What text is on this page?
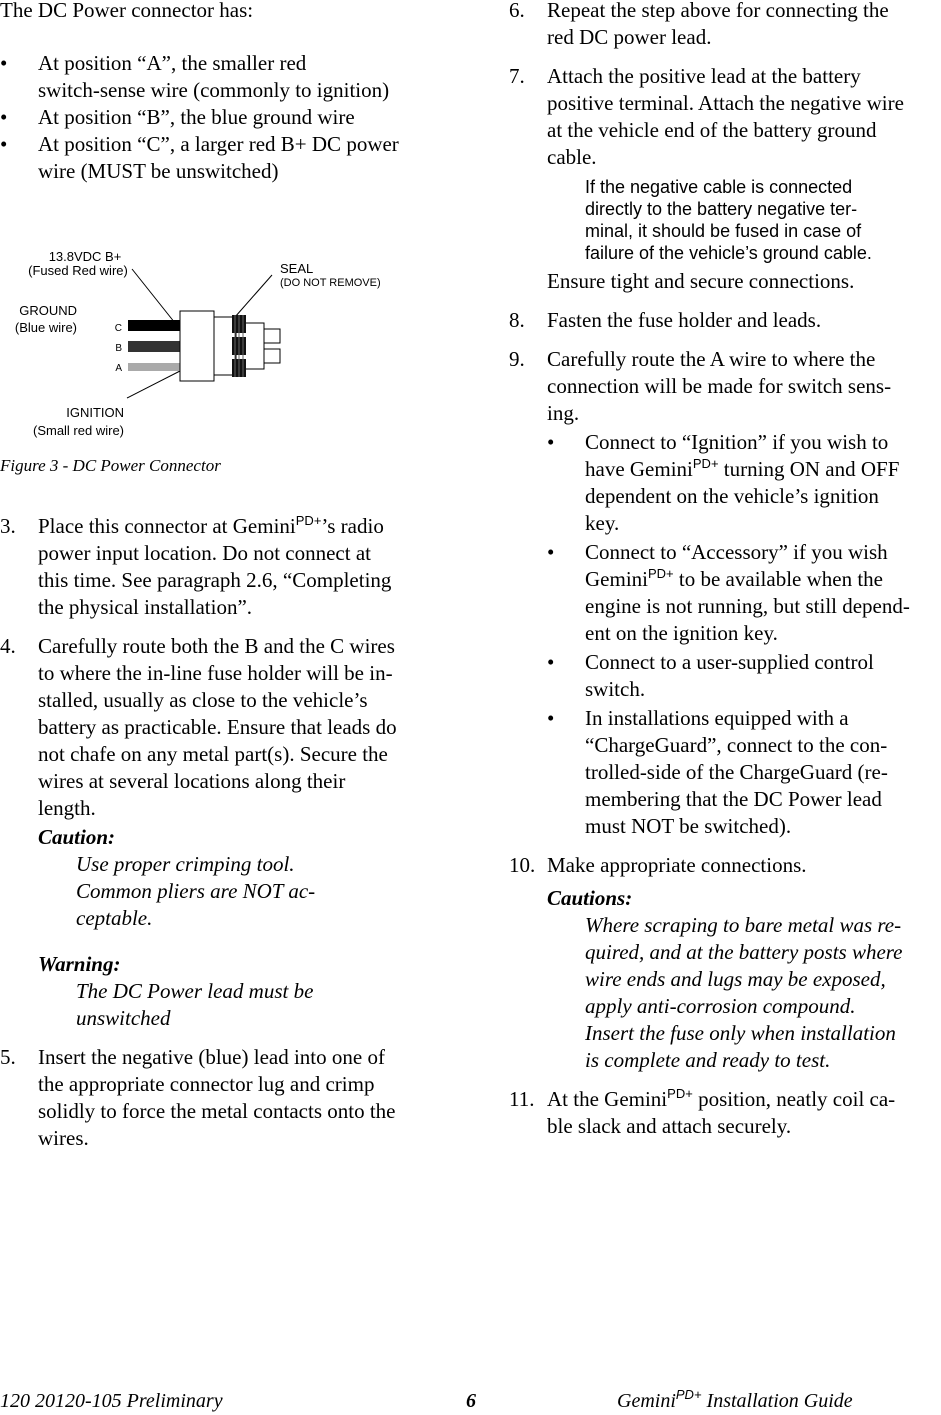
The DC Power connector has:

• At position “A”, the smaller red

switch-sense wire (commonly to ignition)

• At position “B”, the blue ground wire

• At position “C”, a larger red B+ DC power

wire (MUST be unswitched)

13.8VDC B+
(Fused Red wire)	SEAL
(DO NOT REMOVE)
GROUND
(Blue wire)	C
B
A
IGNITION
(Small red wire)

Figure 3 - DC Power Connector

3. Place this connector at Gemini$^{PD+}$’s radio

power input location. Do not connect at

this time. See paragraph 2.6, “Completing

the physical installation”.

4. Carefully route both the B and the C wires

to where the in-line fuse holder will be in-

stalled, usually as close to the vehicle’s

battery as practicable. Ensure that leads do

not chafe on any metal part(s). Secure the

wires at several locations along their

length.

Caution:

Use proper crimping tool.

Common pliers are NOT ac-

ceptable.

Warning:

The DC Power lead must be

unswitched

5. Insert the negative (blue) lead into one of

the appropriate connector lug and crimp

solidly to force the metal contacts onto the

wires.

6. Repeat the step above for connecting the

red DC power lead.

7. Attach the positive lead at the battery

positive terminal. Attach the negative wire

at the vehicle end of the battery ground

cable.

If the negative cable is connected

directly to the battery negative ter-

minal, it should be fused in case of

failure of the vehicle’s ground cable.

Ensure tight and secure connections.

8. Fasten the fuse holder and leads.

9. Carefully route the A wire to where the

connection will be made for switch sens-

ing.

• Connect to “Ignition” if you wish to

have Gemini$^{PD+}$ turning ON and OFF

dependent on the vehicle’s ignition

key.

• Connect to “Accessory” if you wish

Gemini$^{PD+}$ to be available when the

engine is not running, but still depend-

ent on the ignition key.

• Connect to a user-supplied control

switch.

• In installations equipped with a

“ChargeGuard”, connect to the con-

trolled-side of the ChargeGuard (re-

membering that the DC Power lead

must NOT be switched).

10. Make appropriate connections.

Cautions:

Where scraping to bare metal was re-

quired, and at the battery posts where

wire ends and lugs may be exposed,

apply anti-corrosion compound.

Insert the fuse only when installation

is complete and ready to test.

11. At the Gemini$^{PD+}$ position, neatly coil ca-

ble slack and attach securely.

120 20120-105 Preliminary	6	Gemini$^{PD+}$ Installation Guide
